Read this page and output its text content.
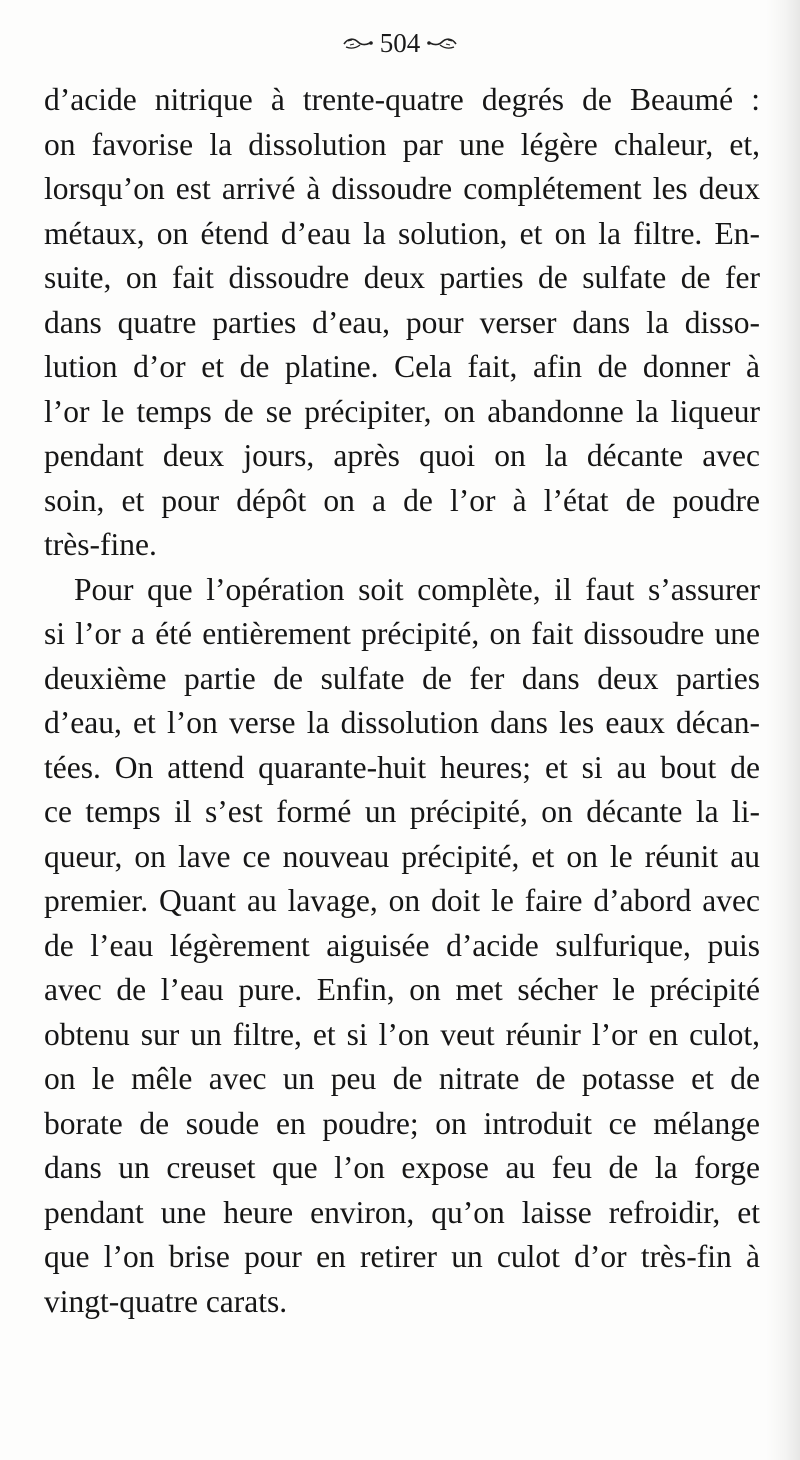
504
d’acide nitrique à trente-quatre degrés de Beaumé :
on favorise la dissolution par une légère chaleur, et,
lorsqu’on est arrivé à dissoudre complétement les deux
métaux, on étend d’eau la solution, et on la filtre. En-
suite, on fait dissoudre deux parties de sulfate de fer
dans quatre parties d’eau, pour verser dans la disso-
lution d’or et de platine. Cela fait, afin de donner à
l’or le temps de se précipiter, on abandonne la liqueur
pendant deux jours, après quoi on la décante avec
soin, et pour dépôt on a de l’or à l’état de poudre
très-fine.
Pour que l’opération soit complète, il faut s’assurer
si l’or a été entièrement précipité, on fait dissoudre une
deuxième partie de sulfate de fer dans deux parties
d’eau, et l’on verse la dissolution dans les eaux décan-
tées. On attend quarante-huit heures; et si au bout de
ce temps il s’est formé un précipité, on décante la li-
queur, on lave ce nouveau précipité, et on le réunit au
premier. Quant au lavage, on doit le faire d’abord avec
de l’eau légèrement aiguisée d’acide sulfurique, puis
avec de l’eau pure. Enfin, on met sécher le précipité
obtenu sur un filtre, et si l’on veut réunir l’or en culot,
on le mêle avec un peu de nitrate de potasse et de
borate de soude en poudre; on introduit ce mélange
dans un creuset que l’on expose au feu de la forge
pendant une heure environ, qu’on laisse refroidir, et
que l’on brise pour en retirer un culot d’or très-fin à
vingt-quatre carats.
